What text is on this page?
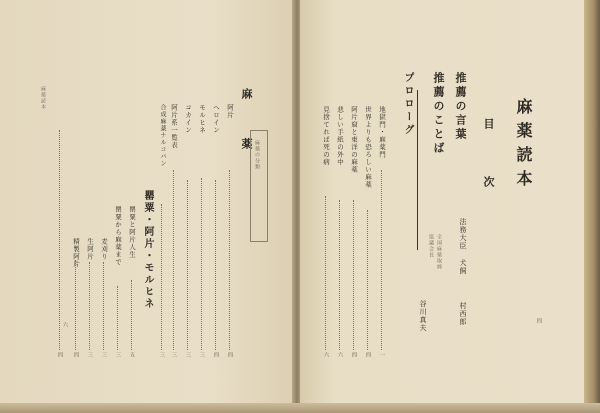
麻薬読本	麻
薬
阿片
ヘロイン
モルヒネ
コカイン
阿片系一覧表
麻薬の分類
合成麻薬ナルコパン
罌粟・阿片・モルヒネ
罌粟と阿片人生
罌粟から麻薬まで
麦刈り
生阿片
精製阿片
四
四
三
三
三
三
五
三
三
三
四
四
六
麻薬読本
目
次
推薦の言葉
推薦のことば
プロローグ
法務大臣 犬飼
村西郎
全国麻薬取締
協議会長
谷川真夫
地獄門・麻薬門
世界よりも恐ろしい麻薬
阿片窟と東洋の麻薬
悲しい手紙の外中
見捨てれば死の病
一
四
四
六
六
四
